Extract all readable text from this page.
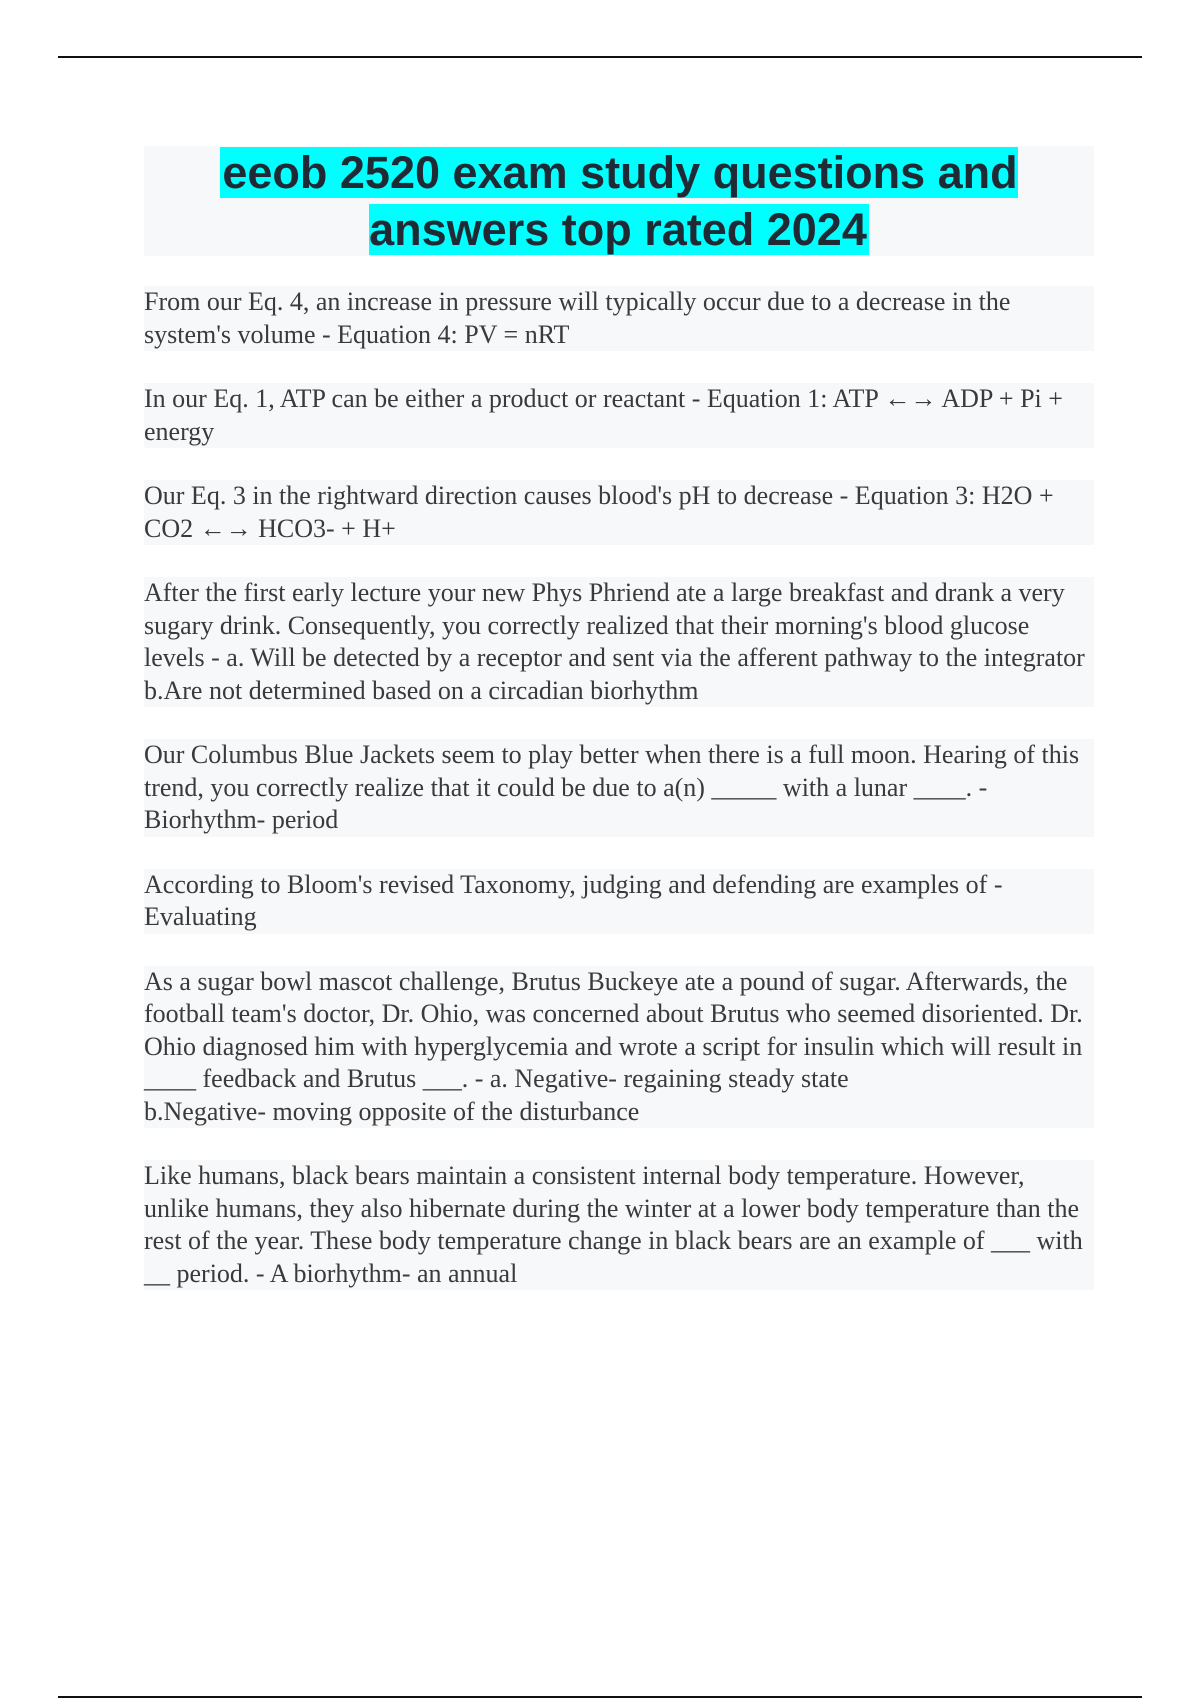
eeob 2520 exam study questions and answers top rated 2024

From our Eq. 4, an increase in pressure will typically occur due to a decrease in the system's volume - Equation 4: PV = nRT

In our Eq. 1, ATP can be either a product or reactant - Equation 1: ATP ←→ ADP + Pi + energy

Our Eq. 3 in the rightward direction causes blood's pH to decrease - Equation 3: H2O + CO2 ←→ HCO3- + H+

After the first early lecture your new Phys Phriend ate a large breakfast and drank a very sugary drink. Consequently, you correctly realized that their morning's blood glucose levels - a. Will be detected by a receptor and sent via the afferent pathway to the integrator
b.Are not determined based on a circadian biorhythm

Our Columbus Blue Jackets seem to play better when there is a full moon. Hearing of this trend, you correctly realize that it could be due to a(n) _____ with a lunar ____. - Biorhythm- period

According to Bloom's revised Taxonomy, judging and defending are examples of - Evaluating

As a sugar bowl mascot challenge, Brutus Buckeye ate a pound of sugar. Afterwards, the football team's doctor, Dr. Ohio, was concerned about Brutus who seemed disoriented. Dr. Ohio diagnosed him with hyperglycemia and wrote a script for insulin which will result in ____ feedback and Brutus ___. - a. Negative- regaining steady state
b.Negative- moving opposite of the disturbance

Like humans, black bears maintain a consistent internal body temperature. However, unlike humans, they also hibernate during the winter at a lower body temperature than the rest of the year. These body temperature change in black bears are an example of ___ with __ period. - A biorhythm- an annual
